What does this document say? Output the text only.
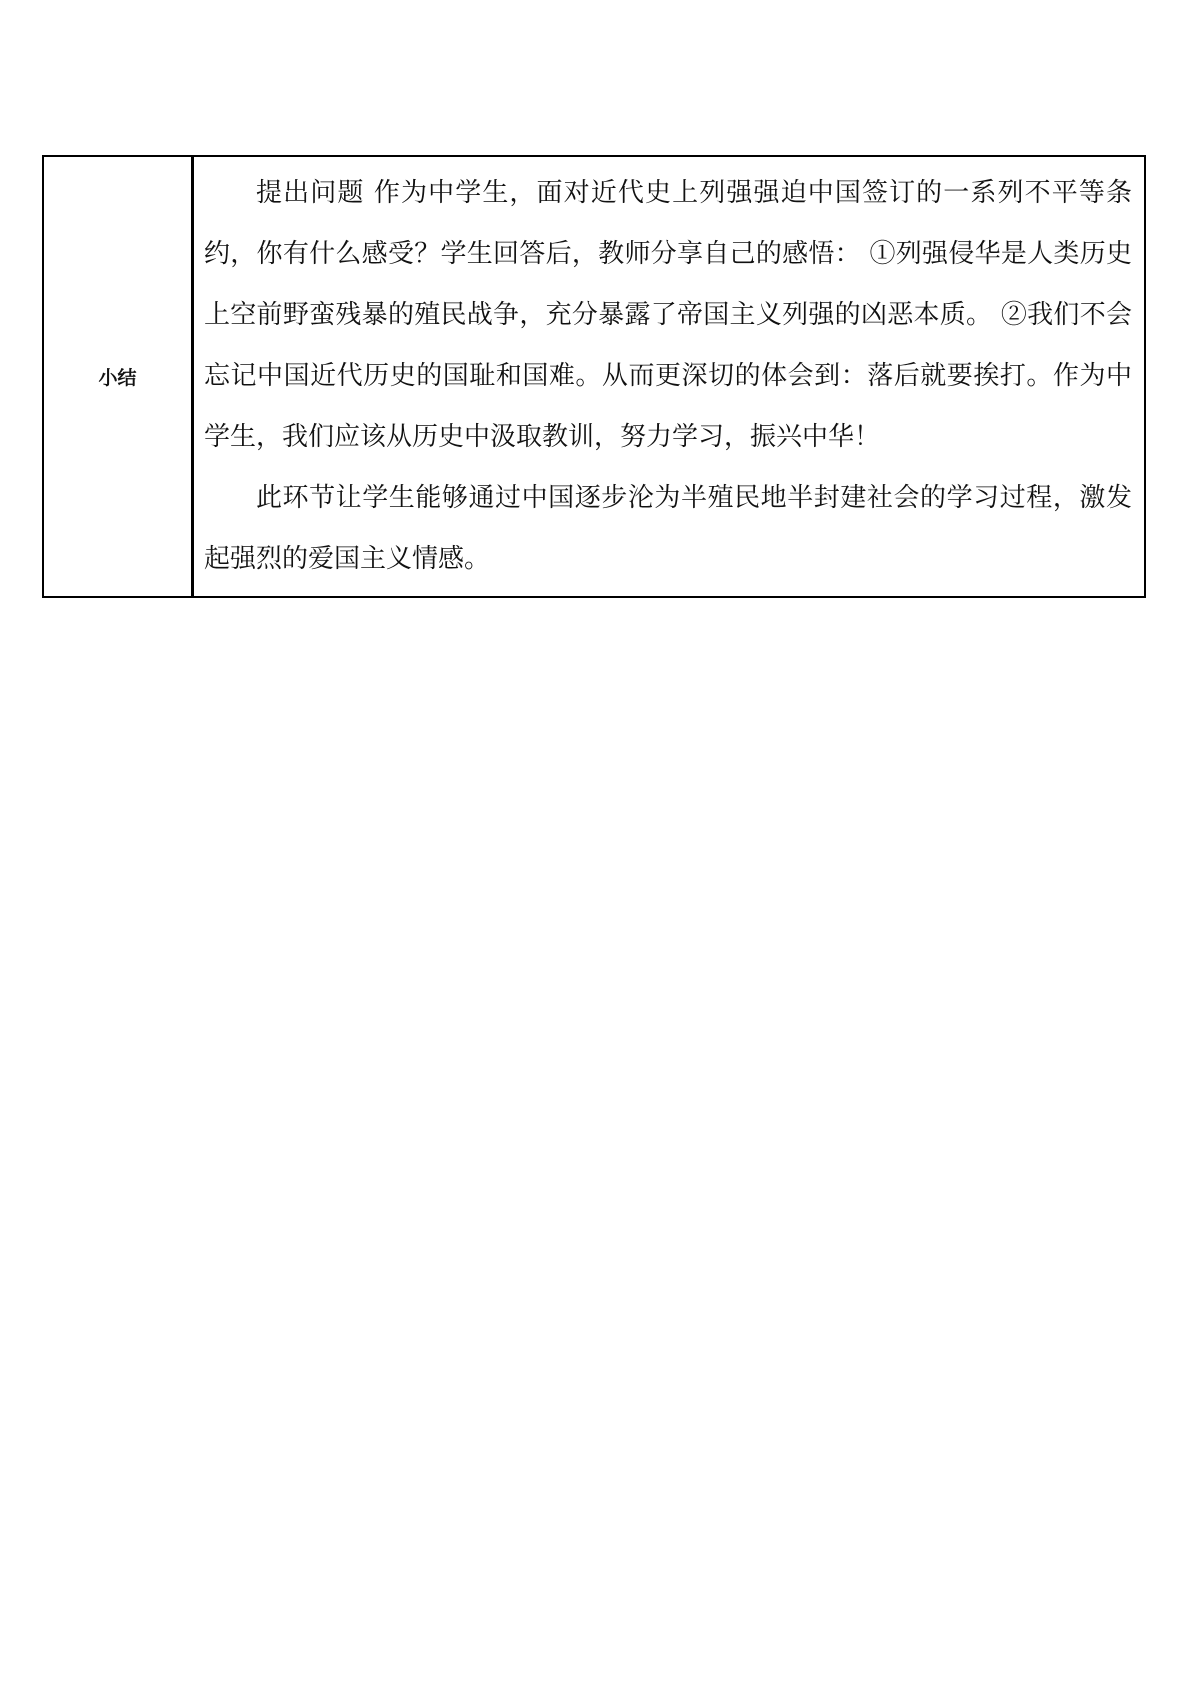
小结	

提出问题 作为中学生，面对近代史上列强强迫中国签订的一系列不平等条约，你有什么感受？学生回答后，教师分享自己的感悟： ①列强侵华是人类历史上空前野蛮残暴的殖民战争，充分暴露了帝国主义列强的凶恶本质。 ②我们不会忘记中国近代历史的国耻和国难。从而更深切的体会到：落后就要挨打。作为中学生，我们应该从历史中汲取教训，努力学习，振兴中华！

此环节让学生能够通过中国逐步沦为半殖民地半封建社会的学习过程，激发起强烈的爱国主义情感。
